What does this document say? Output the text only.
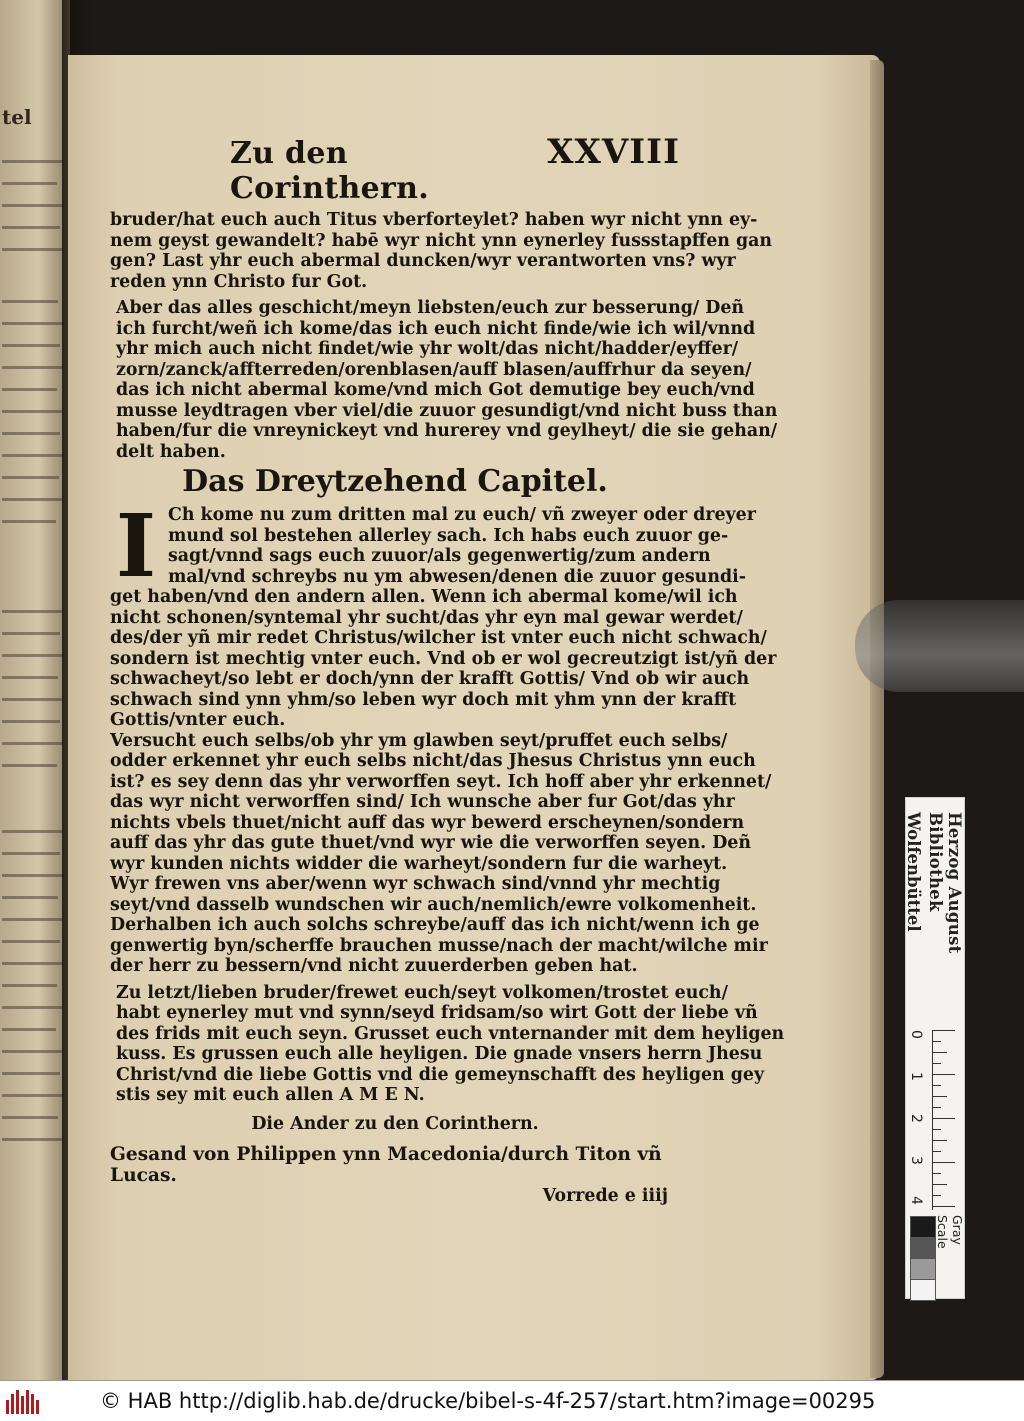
tel
Zu den Corinthern.
XXVIII

bruder/hat euch auch Titus vberforteylet? haben wyr nicht ynn ey-
nem geyst gewandelt? habē wyr nicht ynn eynerley fussstapffen gan
gen? Last yhr euch abermal duncken/wyr verantworten vns? wyr
reden ynn Christo fur Got.

Aber das alles geschicht/meyn liebsten/euch zur besserung/ Deñ
ich furcht/weñ ich kome/das ich euch nicht finde/wie ich wil/vnnd
yhr mich auch nicht findet/wie yhr wolt/das nicht/hadder/eyffer/
zorn/zanck/affterreden/orenblasen/auff blasen/auffrhur da seyen/
das ich nicht abermal kome/vnd mich Got demutige bey euch/vnd
musse leydtragen vber viel/die zuuor gesundigt/vnd nicht buss than
haben/fur die vnreynickeyt vnd hurerey vnd geylheyt/ die sie gehan/
delt haben.

Das Dreytzehend Capitel.
I Ch kome nu zum dritten mal zu euch/ vñ zweyer oder dreyer
mund sol bestehen allerley sach. Ich habs euch zuuor ge-
sagt/vnnd sags euch zuuor/als gegenwertig/zum andern
mal/vnd schreybs nu ym abwesen/denen die zuuor gesundi-
get haben/vnd den andern allen. Wenn ich abermal kome/wil ich
nicht schonen/syntemal yhr sucht/das yhr eyn mal gewar werdet/
des/der yñ mir redet Christus/wilcher ist vnter euch nicht schwach/
sondern ist mechtig vnter euch. Vnd ob er wol gecreutzigt ist/yñ der
schwacheyt/so lebt er doch/ynn der krafft Gottis/ Vnd ob wir auch
schwach sind ynn yhm/so leben wyr doch mit yhm ynn der krafft
Gottis/vnter euch.

Versucht euch selbs/ob yhr ym glawben seyt/pruffet euch selbs/
odder erkennet yhr euch selbs nicht/das Jhesus Christus ynn euch
ist? es sey denn das yhr verworffen seyt. Ich hoff aber yhr erkennet/
das wyr nicht verworffen sind/ Ich wunsche aber fur Got/das yhr
nichts vbels thuet/nicht auff das wyr bewerd erscheynen/sondern
auff das yhr das gute thuet/vnd wyr wie die verworffen seyen. Deñ
wyr kunden nichts widder die warheyt/sondern fur die warheyt.
Wyr frewen vns aber/wenn wyr schwach sind/vnnd yhr mechtig
seyt/vnd dasselb wundschen wir auch/nemlich/ewre volkomenheit.
Derhalben ich auch solchs schreybe/auff das ich nicht/wenn ich ge
genwertig byn/scherffe brauchen musse/nach der macht/wilche mir
der herr zu bessern/vnd nicht zuuerderben geben hat.

Zu letzt/lieben bruder/frewet euch/seyt volkomen/trostet euch/
habt eynerley mut vnd synn/seyd fridsam/so wirt Gott der liebe vñ
des frids mit euch seyn. Grusset euch vnternander mit dem heyligen
kuss. Es grussen euch alle heyligen. Die gnade vnsers herrn Jhesu
Christ/vnd die liebe Gottis vnd die gemeynschafft des heyligen gey
stis sey mit euch allen A M E N.

Die Ander zu den Corinthern.
Gesand von Philippen ynn Macedonia/durch Titon vñ Lucas.
Vorrede e iiij
Herzog August Bibliothek
Wolfenbüttel
0
1
2
3
4
Gray Scale
© HAB http://diglib.hab.de/drucke/bibel-s-4f-257/start.htm?image=00295
